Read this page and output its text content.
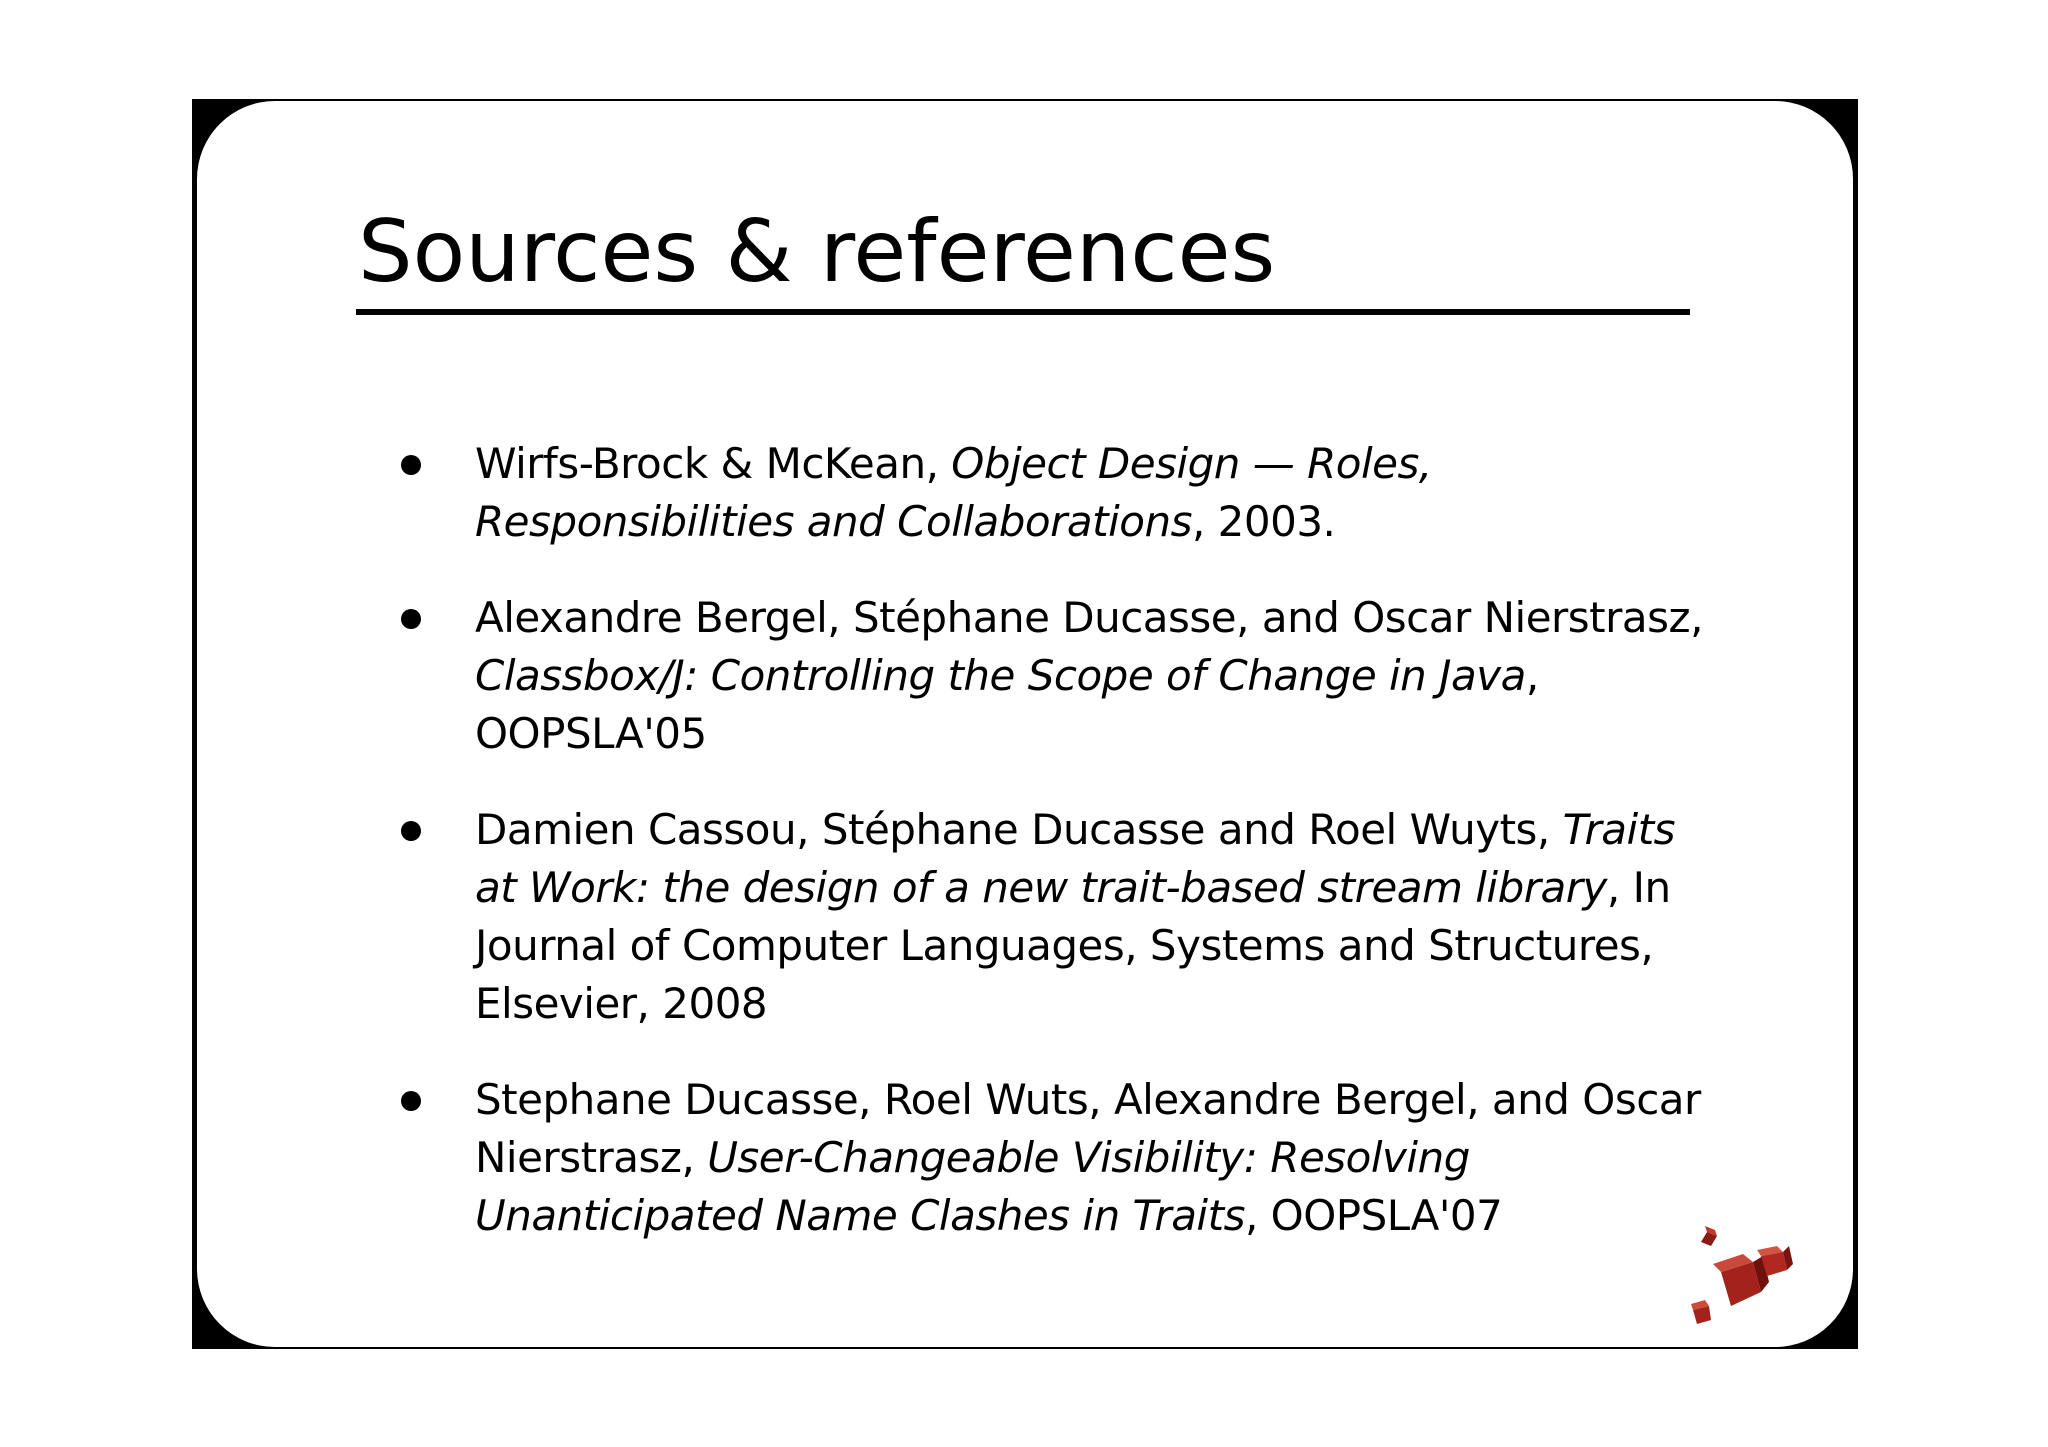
Sources & references
Wirfs-Brock & McKean, Object Design — Roles, Responsibilities and Collaborations, 2003.
Alexandre Bergel, Stéphane Ducasse, and Oscar Nierstrasz, Classbox/J: Controlling the Scope of Change in Java, OOPSLA'05
Damien Cassou, Stéphane Ducasse and Roel Wuyts, Traits at Work: the design of a new trait-based stream library, In Journal of Computer Languages, Systems and Structures, Elsevier, 2008
Stephane Ducasse, Roel Wuts, Alexandre Bergel, and Oscar Nierstrasz, User-Changeable Visibility: Resolving Unanticipated Name Clashes in Traits, OOPSLA'07
